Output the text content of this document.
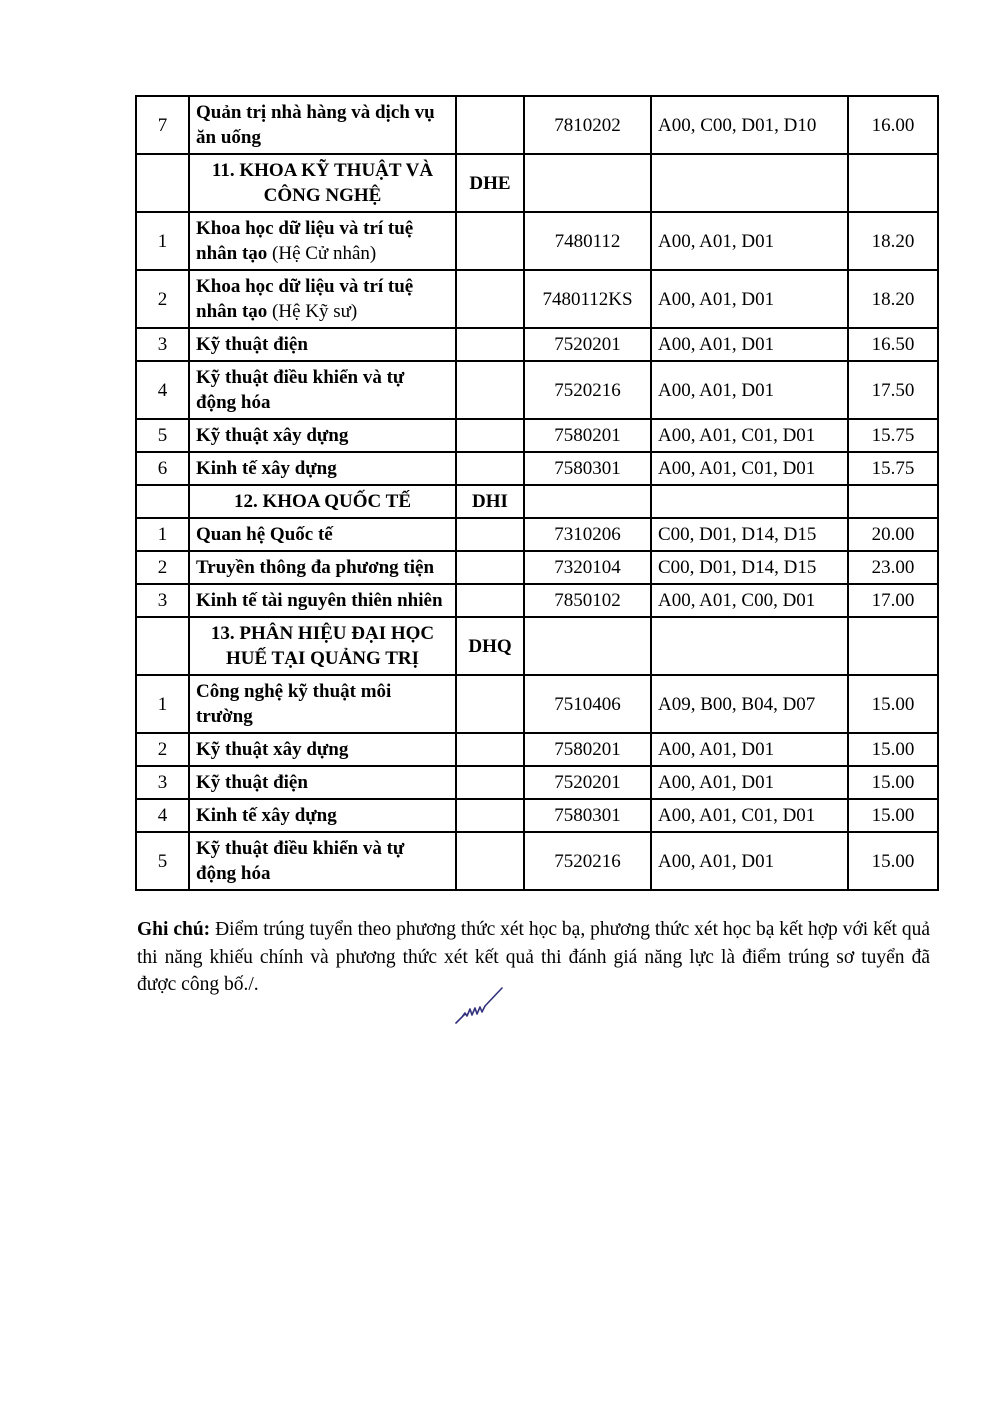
7	Quản trị nhà hàng và dịch vụ ăn uống		7810202	A00, C00, D01, D10	16.00
	11. KHOA KỸ THUẬT VÀ CÔNG NGHỆ	DHE			
1	Khoa học dữ liệu và trí tuệ nhân tạo (Hệ Cử nhân)		7480112	A00, A01, D01	18.20
2	Khoa học dữ liệu và trí tuệ nhân tạo (Hệ Kỹ sư)		7480112KS	A00, A01, D01	18.20
3	Kỹ thuật điện		7520201	A00, A01, D01	16.50
4	Kỹ thuật điều khiển và tự động hóa		7520216	A00, A01, D01	17.50
5	Kỹ thuật xây dựng		7580201	A00, A01, C01, D01	15.75
6	Kinh tế xây dựng		7580301	A00, A01, C01, D01	15.75
	12. KHOA QUỐC TẾ	DHI			
1	Quan hệ Quốc tế		7310206	C00, D01, D14, D15	20.00
2	Truyền thông đa phương tiện		7320104	C00, D01, D14, D15	23.00
3	Kinh tế tài nguyên thiên nhiên		7850102	A00, A01, C00, D01	17.00
	13. PHÂN HIỆU ĐẠI HỌC HUẾ TẠI QUẢNG TRỊ	DHQ			
1	Công nghệ kỹ thuật môi trường		7510406	A09, B00, B04, D07	15.00
2	Kỹ thuật xây dựng		7580201	A00, A01, D01	15.00
3	Kỹ thuật điện		7520201	A00, A01, D01	15.00
4	Kinh tế xây dựng		7580301	A00, A01, C01, D01	15.00
5	Kỹ thuật điều khiển và tự động hóa		7520216	A00, A01, D01	15.00
Ghi chú: Điểm trúng tuyển theo phương thức xét học bạ, phương thức xét học bạ kết hợp với kết quả thi năng khiếu chính và phương thức xét kết quả thi đánh giá năng lực là điểm trúng sơ tuyển đã được công bố./.
